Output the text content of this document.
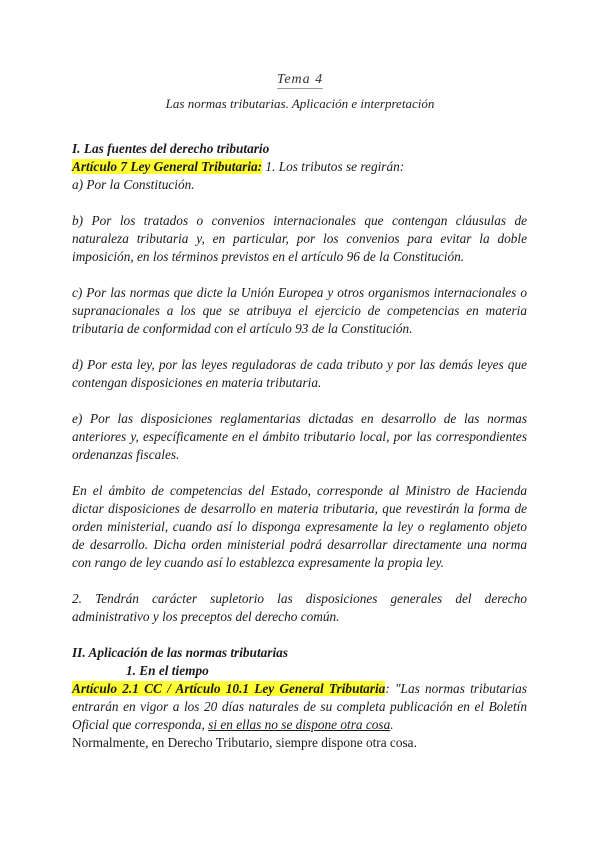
Tema 4
Las normas tributarias. Aplicación e interpretación

I. Las fuentes del derecho tributario

Artículo 7 Ley General Tributaria: 1. Los tributos se regirán:

a) Por la Constitución.

b) Por los tratados o convenios internacionales que contengan cláusulas de naturaleza tributaria y, en particular, por los convenios para evitar la doble imposición, en los términos previstos en el artículo 96 de la Constitución.

c) Por las normas que dicte la Unión Europea y otros organismos internacionales o supranacionales a los que se atribuya el ejercicio de competencias en materia tributaria de conformidad con el artículo 93 de la Constitución.

d) Por esta ley, por las leyes reguladoras de cada tributo y por las demás leyes que contengan disposiciones en materia tributaria.

e) Por las disposiciones reglamentarias dictadas en desarrollo de las normas anteriores y, específicamente en el ámbito tributario local, por las correspondientes ordenanzas fiscales.

En el ámbito de competencias del Estado, corresponde al Ministro de Hacienda dictar disposiciones de desarrollo en materia tributaria, que revestirán la forma de orden ministerial, cuando así lo disponga expresamente la ley o reglamento objeto de desarrollo. Dicha orden ministerial podrá desarrollar directamente una norma con rango de ley cuando así lo establezca expresamente la propia ley.

2. Tendrán carácter supletorio las disposiciones generales del derecho administrativo y los preceptos del derecho común.

II. Aplicación de las normas tributarias

1. En el tiempo

Artículo 2.1 CC / Artículo 10.1 Ley General Tributaria: "Las normas tributarias entrarán en vigor a los 20 días naturales de su completa publicación en el Boletín Oficial que corresponda, si en ellas no se dispone otra cosa.

Normalmente, en Derecho Tributario, siempre dispone otra cosa.
